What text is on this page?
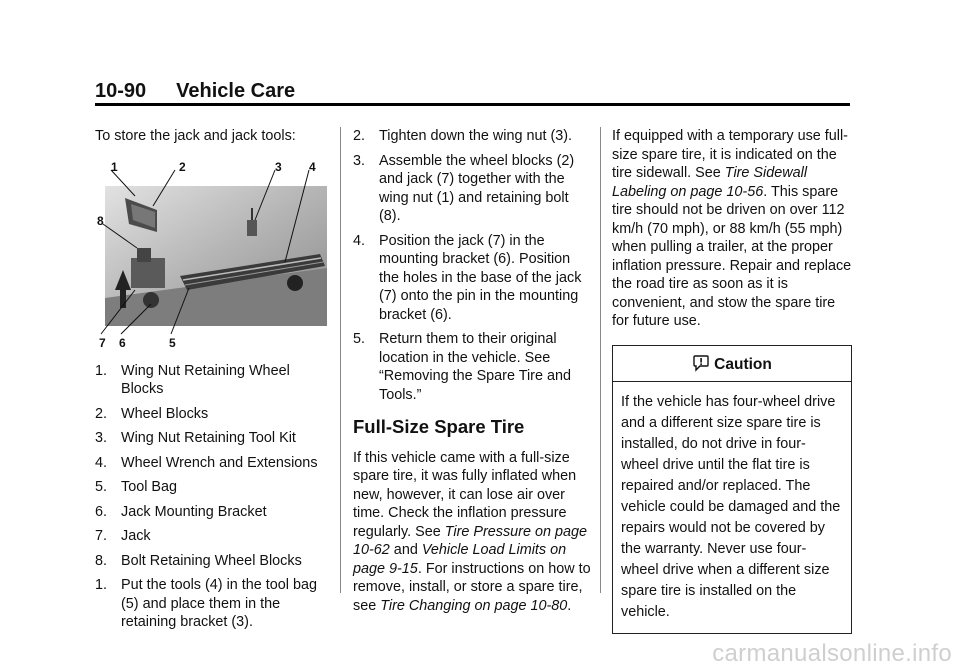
10-90 Vehicle Care

To store the jack and jack tools:

1	2	3 4
8
7 6	5
1. Wing Nut Retaining Wheel Blocks
2. Wheel Blocks
3. Wing Nut Retaining Tool Kit
4. Wheel Wrench and Extensions
5. Tool Bag
6. Jack Mounting Bracket
7. Jack
8. Bolt Retaining Wheel Blocks
1. Put the tools (4) in the tool bag (5) and place them in the retaining bracket (3).
2. Tighten down the wing nut (3).
3. Assemble the wheel blocks (2) and jack (7) together with the wing nut (1) and retaining bolt (8).
4. Position the jack (7) in the mounting bracket (6). Position the holes in the base of the jack (7) onto the pin in the mounting bracket (6).
5. Return them to their original location in the vehicle. See “Removing the Spare Tire and Tools.”
Full-Size Spare Tire

If this vehicle came with a full-size spare tire, it was fully inflated when new, however, it can lose air over time. Check the inflation pressure regularly. See Tire Pressure on page 10-62 and Vehicle Load Limits on page 9-15. For instructions on how to remove, install, or store a spare tire, see Tire Changing on page 10-80.

If equipped with a temporary use full-size spare tire, it is indicated on the tire sidewall. See Tire Sidewall Labeling on page 10-56. This spare tire should not be driven on over 112 km/h (70 mph), or 88 km/h (55 mph) when pulling a trailer, at the proper inflation pressure. Repair and replace the road tire as soon as it is convenient, and stow the spare tire for future use.

Caution
If the vehicle has four-wheel drive and a different size spare tire is installed, do not drive in four-wheel drive until the flat tire is repaired and/or replaced. The vehicle could be damaged and the repairs would not be covered by the warranty. Never use four-wheel drive when a different size spare tire is installed on the vehicle.
carmanualsonline.info
